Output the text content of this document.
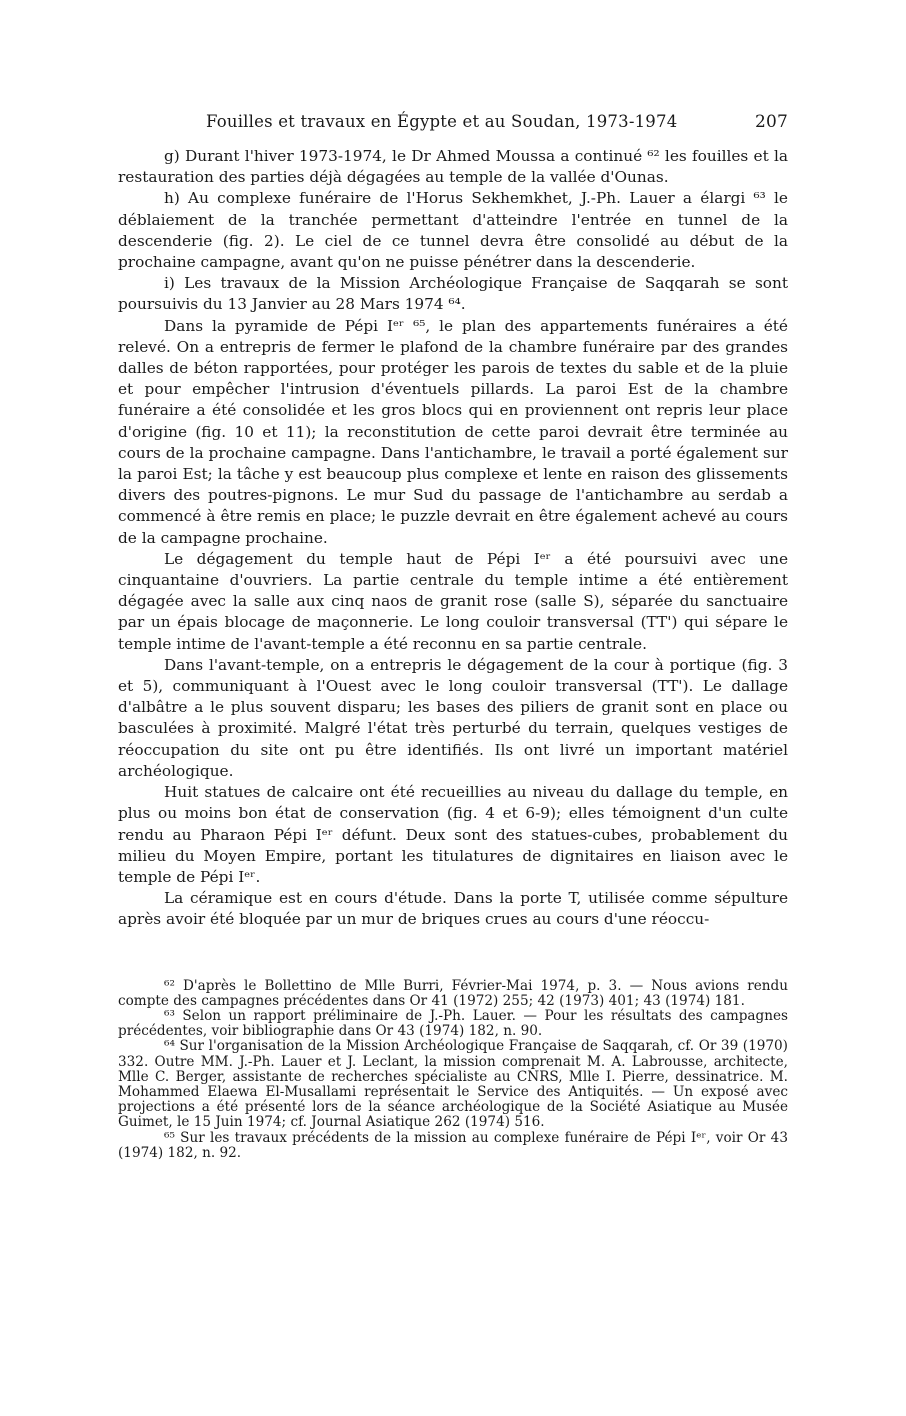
Fouilles et travaux en Égypte et au Soudan, 1973-1974	207

g) Durant l'hiver 1973-1974, le Dr Ahmed Moussa a continué ⁶² les fouilles et la restauration des parties déjà dégagées au temple de la vallée d'Ounas.

h) Au complexe funéraire de l'Horus Sekhemkhet, J.-Ph. Lauer a élargi ⁶³ le déblaiement de la tranchée permettant d'atteindre l'entrée en tunnel de la descenderie (fig. 2). Le ciel de ce tunnel devra être consolidé au début de la prochaine campagne, avant qu'on ne puisse pénétrer dans la descenderie.

i) Les travaux de la Mission Archéologique Française de Saqqarah se sont poursuivis du 13 Janvier au 28 Mars 1974 ⁶⁴.

Dans la pyramide de Pépi Iᵉʳ ⁶⁵, le plan des appartements funéraires a été relevé. On a entrepris de fermer le plafond de la chambre funéraire par des grandes dalles de béton rapportées, pour protéger les parois de textes du sable et de la pluie et pour empêcher l'intrusion d'éventuels pillards. La paroi Est de la chambre funéraire a été consolidée et les gros blocs qui en proviennent ont repris leur place d'origine (fig. 10 et 11); la reconstitution de cette paroi devrait être terminée au cours de la prochaine campagne. Dans l'antichambre, le travail a porté également sur la paroi Est; la tâche y est beaucoup plus complexe et lente en raison des glissements divers des poutres-pignons. Le mur Sud du passage de l'antichambre au serdab a commencé à être remis en place; le puzzle devrait en être également achevé au cours de la campagne prochaine.

Le dégagement du temple haut de Pépi Iᵉʳ a été poursuivi avec une cinquantaine d'ouvriers. La partie centrale du temple intime a été entièrement dégagée avec la salle aux cinq naos de granit rose (salle S), séparée du sanctuaire par un épais blocage de maçonnerie. Le long couloir transversal (TT') qui sépare le temple intime de l'avant-temple a été reconnu en sa partie centrale.

Dans l'avant-temple, on a entrepris le dégagement de la cour à portique (fig. 3 et 5), communiquant à l'Ouest avec le long couloir transversal (TT'). Le dallage d'albâtre a le plus souvent disparu; les bases des piliers de granit sont en place ou basculées à proximité. Malgré l'état très perturbé du terrain, quelques vestiges de réoccupation du site ont pu être identifiés. Ils ont livré un important matériel archéologique.

Huit statues de calcaire ont été recueillies au niveau du dallage du temple, en plus ou moins bon état de conservation (fig. 4 et 6-9); elles témoignent d'un culte rendu au Pharaon Pépi Iᵉʳ défunt. Deux sont des statues-cubes, probablement du milieu du Moyen Empire, portant les titulatures de dignitaires en liaison avec le temple de Pépi Iᵉʳ.

La céramique est en cours d'étude. Dans la porte T, utilisée comme sépulture après avoir été bloquée par un mur de briques crues au cours d'une réoccu-

⁶² D'après le Bollettino de Mlle Burri, Février-Mai 1974, p. 3. — Nous avions rendu compte des campagnes précédentes dans Or 41 (1972) 255; 42 (1973) 401; 43 (1974) 181.

⁶³ Selon un rapport préliminaire de J.-Ph. Lauer. — Pour les résultats des campagnes précédentes, voir bibliographie dans Or 43 (1974) 182, n. 90.

⁶⁴ Sur l'organisation de la Mission Archéologique Française de Saqqarah, cf. Or 39 (1970) 332. Outre MM. J.-Ph. Lauer et J. Leclant, la mission comprenait M. A. Labrousse, architecte, Mlle C. Berger, assistante de recherches spécialiste au CNRS, Mlle I. Pierre, dessinatrice. M. Mohammed Elaewa El-Musallami représentait le Service des Antiquités. — Un exposé avec projections a été présenté lors de la séance archéologique de la Société Asiatique au Musée Guimet, le 15 Juin 1974; cf. Journal Asiatique 262 (1974) 516.

⁶⁵ Sur les travaux précédents de la mission au complexe funéraire de Pépi Iᵉʳ, voir Or 43 (1974) 182, n. 92.
